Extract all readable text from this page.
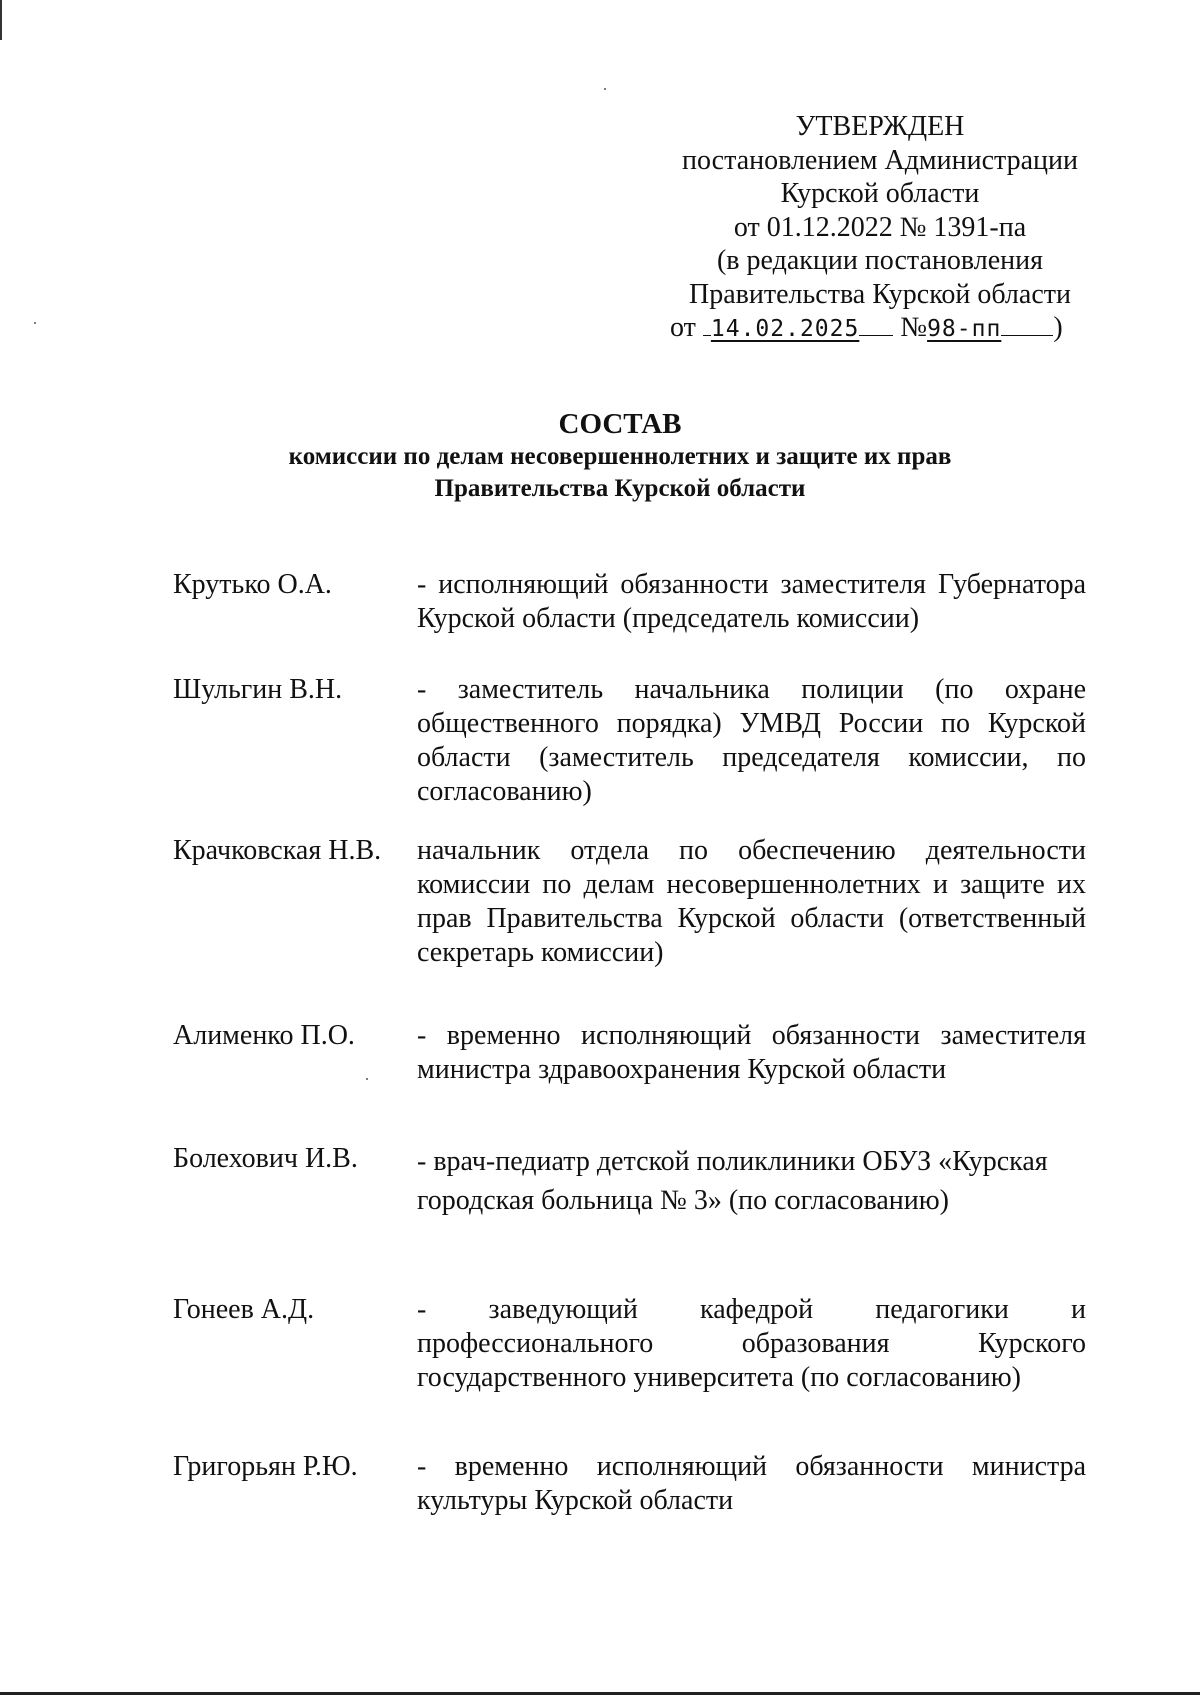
УТВЕРЖДЕН
постановлением Администрации
Курской области
от 01.12.2022 № 1391-па
(в редакции постановления
Правительства Курской области
от 14.02.2025 №98-пп )
СОСТАВ
комиссии по делам несовершеннолетних и защите их прав
Правительства Курской области
Крутько О.А.	- исполняющий обязанности заместителя Губернатора Курской области (председатель комиссии)
Шульгин В.Н.	- заместитель начальника полиции (по охране общественного порядка) УМВД России по Курской области (заместитель председателя комиссии, по согласованию)
Крачковская Н.В. начальник отдела по обеспечению деятельности комиссии по делам несовершеннолетних и защите их прав Правительства Курской области (ответственный секретарь комиссии)
Алименко П.О. - временно исполняющий обязанности заместителя министра здравоохранения Курской области
Болехович И.В. - врач-педиатр детской поликлиники ОБУЗ «Курская городская больница № 3» (по согласованию)
Гонеев А.Д.	- заведующий кафедрой педагогики и профессионального образования Курского государственного университета (по согласованию)
Григорьян Р.Ю. - временно исполняющий обязанности министра культуры Курской области
